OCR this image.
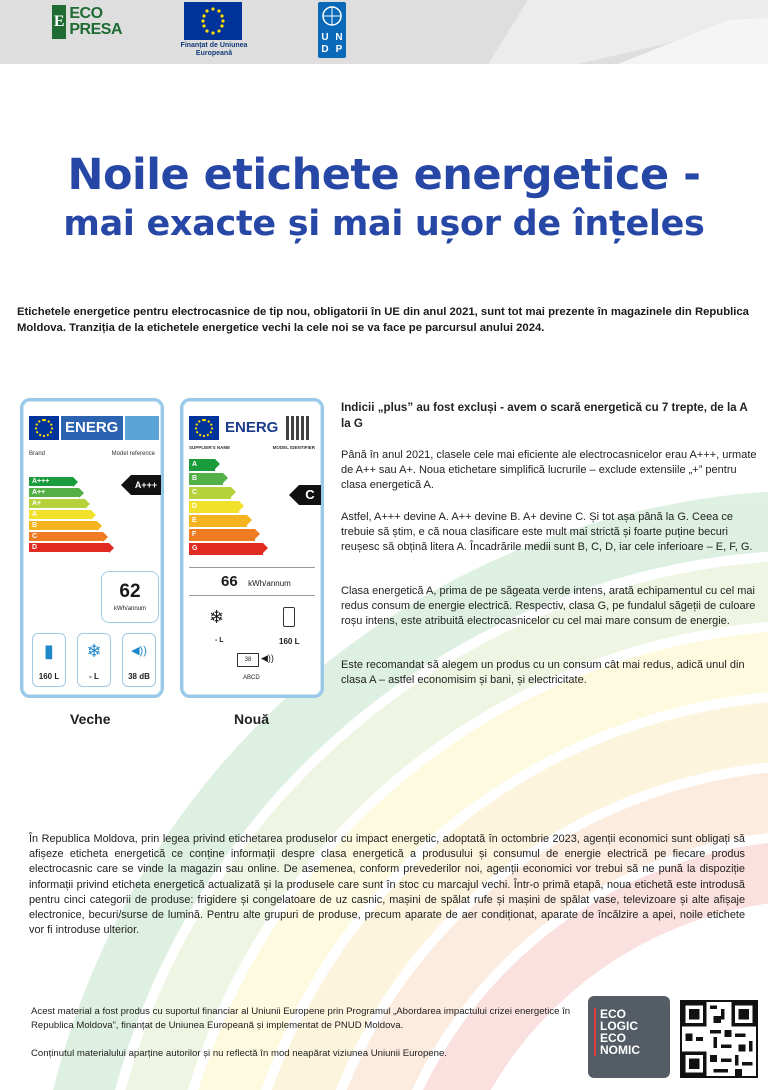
E ECO
PRESA
Finanțat de Uniunea Europeană
U N
D P
Noile etichete energetice -
mai exacte și mai ușor de înțeles

Etichetele energetice pentru electrocasnice de tip nou, obligatorii în UE din anul 2021, sunt tot mai prezente în magazinele din Republica Moldova. Tranziția de la etichetele energetice vechi la cele noi se va face pe parcursul anului 2024.

ENERG
Brand	Model reference
A+++
A++
A+
A
B
C
D
A+++
62
kWh/annum
▮
160 L
❄
- L
◀))
38 dB
ENERG
SUPPLIER'S NAME	MODEL IDENTIFIER
A
B
C
D
E
F
G
C
66 kWh/annum
❄
- L	160 L
38	◀))
ABCD
Veche	Nouă

Indicii „plus” au fost excluși - avem o scară energetică cu 7 trepte, de la A la G

Până în anul 2021, clasele cele mai eficiente ale electrocasnicelor erau A+++, urmate de A++ sau A+. Noua etichetare simplifică lucrurile – exclude extensiile „+” pentru clasa energetică A.

Astfel, A+++ devine A. A++ devine B. A+ devine C. Și tot așa până la G. Ceea ce trebuie să știm, e că noua clasificare este mult mai strictă și foarte puține becuri reușesc să obțină litera A. Încadrările medii sunt B, C, D, iar cele inferioare – E, F, G.

Clasa energetică A, prima de pe săgeata verde intens, arată echipamentul cu cel mai redus consum de energie electrică. Respectiv, clasa G, pe fundalul săgeții de culoare roșu intens, este atribuită electrocasnicelor cu cel mai mare consum de energie.

Este recomandat să alegem un produs cu un consum cât mai redus, adică unul din clasa A – astfel economisim și bani, și electricitate.

În Republica Moldova, prin legea privind etichetarea produselor cu impact energetic, adoptată în octombrie 2023, agenții economici sunt obligați să afișeze eticheta energetică ce conține informații despre clasa energetică a produsului și consumul de energie electrică pe fiecare produs electrocasnic care se vinde la magazin sau online. De asemenea, conform prevederilor noi, agenții economici vor trebui să ne pună la dispoziție informații privind eticheta energetică actualizată și la produsele care sunt în stoc cu marcajul vechi. Într-o primă etapă, noua etichetă este introdusă pentru cinci categorii de produse: frigidere și congelatoare de uz casnic, mașini de spălat rufe și mașini de spălat vase, televizoare și alte afișaje electronice, becuri/surse de lumină. Pentru alte grupuri de produse, precum aparate de aer condiționat, aparate de încălzire a apei, noile etichete vor fi introduse ulterior.

Acest material a fost produs cu suportul financiar al Uniunii Europene prin Programul „Abordarea impactului crizei energetice în Republica Moldova”, finanțat de Uniunea Europeană și implementat de PNUD Moldova.

Conținutul materialului aparține autorilor și nu reflectă în mod neapărat viziunea Uniunii Europene.

ECO
LOGIC
ECO
NOMIC
